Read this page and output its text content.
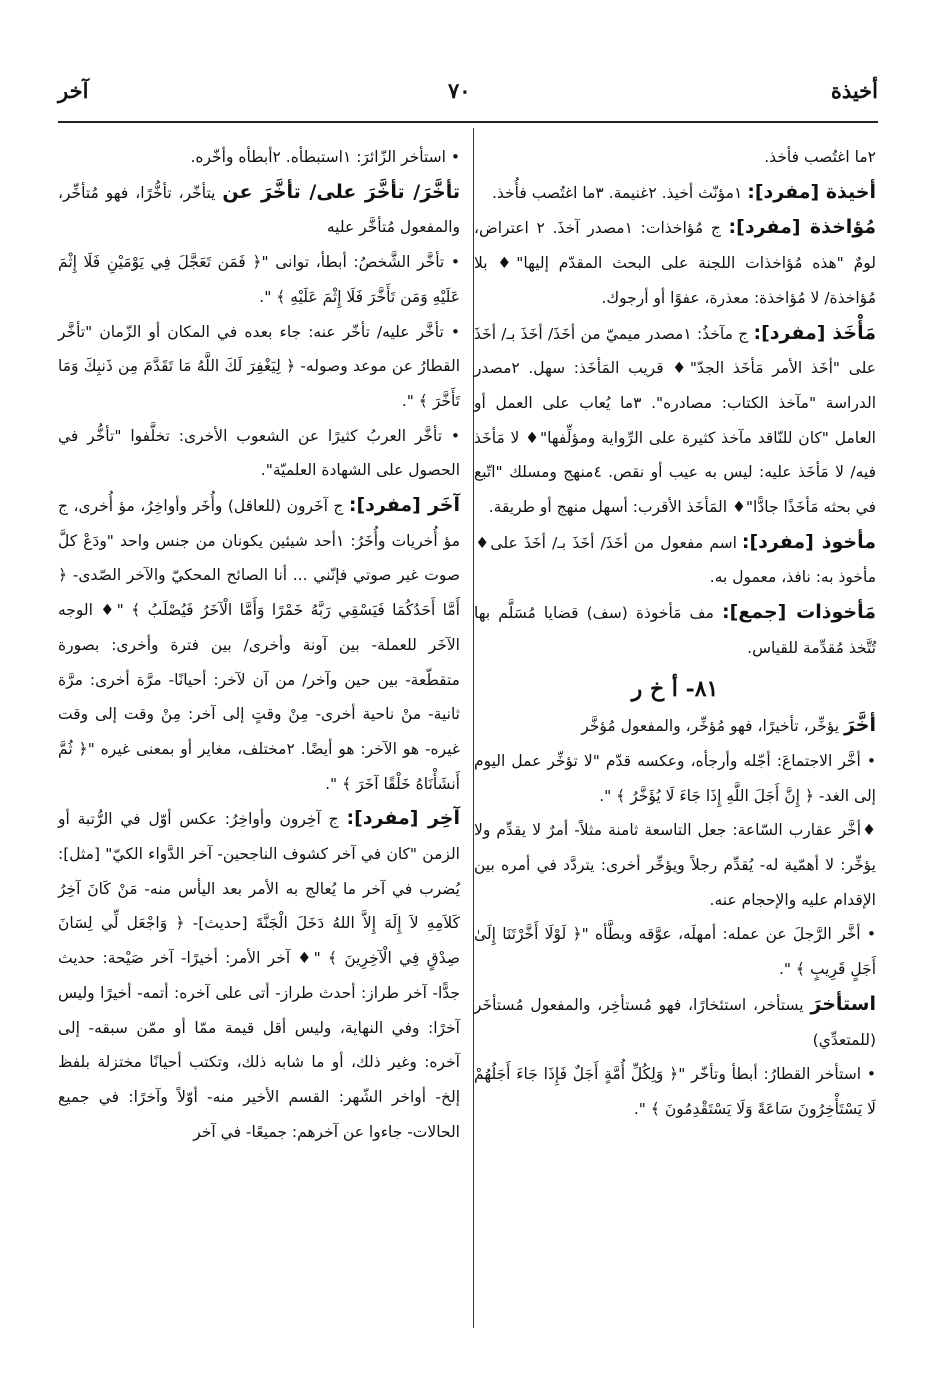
أخيذة
٧٠
آخر

٢ما اغتُصب فأخذ.

أخيذة [مفرد]: ١مؤنّث أخيذ. ٢غنيمة. ٣ما اغتُصب فأُخذ.

مُؤاخذة [مفرد]: ج مُؤاخذات: ١مصدر آخذَ. ٢ اعتراض، لومٌ "هذه مُؤاخذات اللجنة على البحث المقدّم إليها"♦ بلا مُؤاخذة/ لا مُؤاخذة: معذرة، عفوًا أو أرجوك.

مَأْخَذ [مفرد]: ج مآخذُ: ١مصدر ميميّ من أخَذَ/ أخَذَ بـ/ أخَذَ على "أخَذ الأمر مَأخَذ الجدّ"♦ قريب المَأخَذ: سهل. ٢مصدر الدراسة "مآخذ الكتاب: مصادره". ٣ما يُعاب على العمل أو العامل "كان للنّاقد مآخذ كثيرة على الرِّواية ومؤلِّفها"♦ لا مَأخَذ فيه/ لا مَأخَذ عليه: ليس به عيب أو نقص. ٤منهج ومسلك "اتّبع في بحثه مَأخَذًا جادًّا"♦ المَأخَذ الأقرب: أسهل منهج أو طريقة.

مأخوذ [مفرد]: اسم مفعول من أخَذَ/ أخَذَ بـ/ أخَذَ على♦ مأخوذ به: نافذ، معمول به.

مَأخوذات [جمع]: مف مَأخوذة (سف) قضايا مُسَلَّم بها تُتَّخذ مُقدِّمة للقياس.

٨١- أ خ ر

أخَّرَ يؤخِّر، تأخيرًا، فهو مُؤخِّر، والمفعول مُؤخَّر

• أخَّر الاجتماعَ: أجّله وأرجأه، وعكسه قدّم "لا تؤخِّر عمل اليوم إلى الغد- ﴿ إِنَّ أَجَلَ اللَّهِ إِذَا جَاءَ لَا يُؤَخَّرُ ﴾ ".

♦أخَّر عقارب السّاعة: جعل التاسعة ثامنة مثلاً- أمرٌ لا يقدِّم ولا يؤخِّر: لا أهمّية له- يُقدِّم رجلاً ويؤخِّر أخرى: يتردَّد في أمره بين الإقدام عليه والإحجام عنه.

• أخَّر الرَّجلَ عن عمله: أمهلَه، عوَّقه وبطَّأه "﴿ لَوْلَا أَخَّرْتَنَا إِلَىٰ أَجَلٍ قَرِيبٍ ﴾ ".

استأخرَ يستأخر، استئخارًا، فهو مُستأخِر، والمفعول مُستأخَر (للمتعدِّي)

• استأخر القطارُ: أبطأ وتأخّر "﴿ وَلِكُلِّ أُمَّةٍ أَجَلٌ فَإِذَا جَاءَ أَجَلُهُمْ لَا يَسْتَأْخِرُونَ سَاعَةً وَلَا يَسْتَقْدِمُونَ ﴾ ".

• استأخر الزّائرَ: ١استبطأه. ٢أبطأه وأخّره.

تأخَّرَ/ تأخَّرَ على/ تأخَّرَ عن يتأخّر، تأخُّرًا، فهو مُتأخِّر، والمفعول مُتأخَّر عليه

• تأخَّر الشَّخصُ: أبطأ، توانى "﴿ فَمَن تَعَجَّلَ فِي يَوْمَيْنِ فَلَا إِثْمَ عَلَيْهِ وَمَن تَأَخَّرَ فَلَا إِثْمَ عَلَيْهِ ﴾ ".

• تأخَّر عليه/ تأخّر عنه: جاء بعده في المكان أو الزّمان "تأخَّر القطارُ عن موعد وصوله- ﴿ لِيَغْفِرَ لَكَ اللَّهُ مَا تَقَدَّمَ مِن ذَنبِكَ وَمَا تَأَخَّرَ ﴾ ".

• تأخَّر العربُ كثيرًا عن الشعوب الأخرى: تخلَّفوا "تأخُّر في الحصول على الشهادة العلميّة".

آخَر [مفرد]: ج آخَرون (للعاقل) وأُخَر وأواخِرُ، مؤ أُخرى، ج مؤ أُخريات وأُخَرُ: ١أحد شيئين يكونان من جنس واحد "ودَعْ كلَّ صوت غير صوتي فإنّني ... أنا الصائح المحكيّ والآخر الصّدى- ﴿ أَمَّا أَحَدُكُمَا فَيَسْقِي رَبَّهُ خَمْرًا وَأَمَّا الْآخَرُ فَيُصْلَبُ ﴾ "♦ الوجه الآخَر للعملة- بين آونة وأخرى/ بين فترة وأخرى: بصورة متقطّعة- بين حين وآخر/ من آن لآخر: أحيانًا- مرَّة أخرى: مرَّة ثانية- منْ ناحية أخرى- مِنْ وقتٍ إلى آخر: مِنْ وقت إلى وقت غيره- هو الآخر: هو أيضًا. ٢مختلف، مغاير أو بمعنى غيره "﴿ ثُمَّ أَنشَأْنَاهُ خَلْقًا آخَرَ ﴾ ".

آخِر [مفرد]: ج آخِرون وأواخِرُ: عكس أوّل في الرُّتبة أو الزمن "كان في آخر كشوف الناجحين- آخر الدَّواء الكيّ" [مثل]: يُضرب في آخر ما يُعالج به الأمر بعد اليأس منه- مَنْ كَانَ آخِرُ كَلاَمِهِ لاَ إِلَهَ إِلاَّ اللهُ دَخَلَ الْجَنَّةَ [حديث]- ﴿ وَاجْعَل لِّي لِسَانَ صِدْقٍ فِي الْآخِرِينَ ﴾ "♦ آخر الأمر: أخيرًا- آخر صَيْحة: حديث جدًّا- آخر طراز: أحدث طراز- أتى على آخره: أتمه- أخيرًا وليس آخرًا: وفي النهاية، وليس أقل قيمة ممّا أو ممّن سبقه- إلى آخره: وغير ذلك، أو ما شابه ذلك، وتكتب أحيانًا مختزلة بلفظ إلخ- أواخر الشّهر: القسم الأخير منه- أوّلاً وآخرًا: في جميع الحالات- جاءوا عن آخرهم: جميعًا- في آخر
